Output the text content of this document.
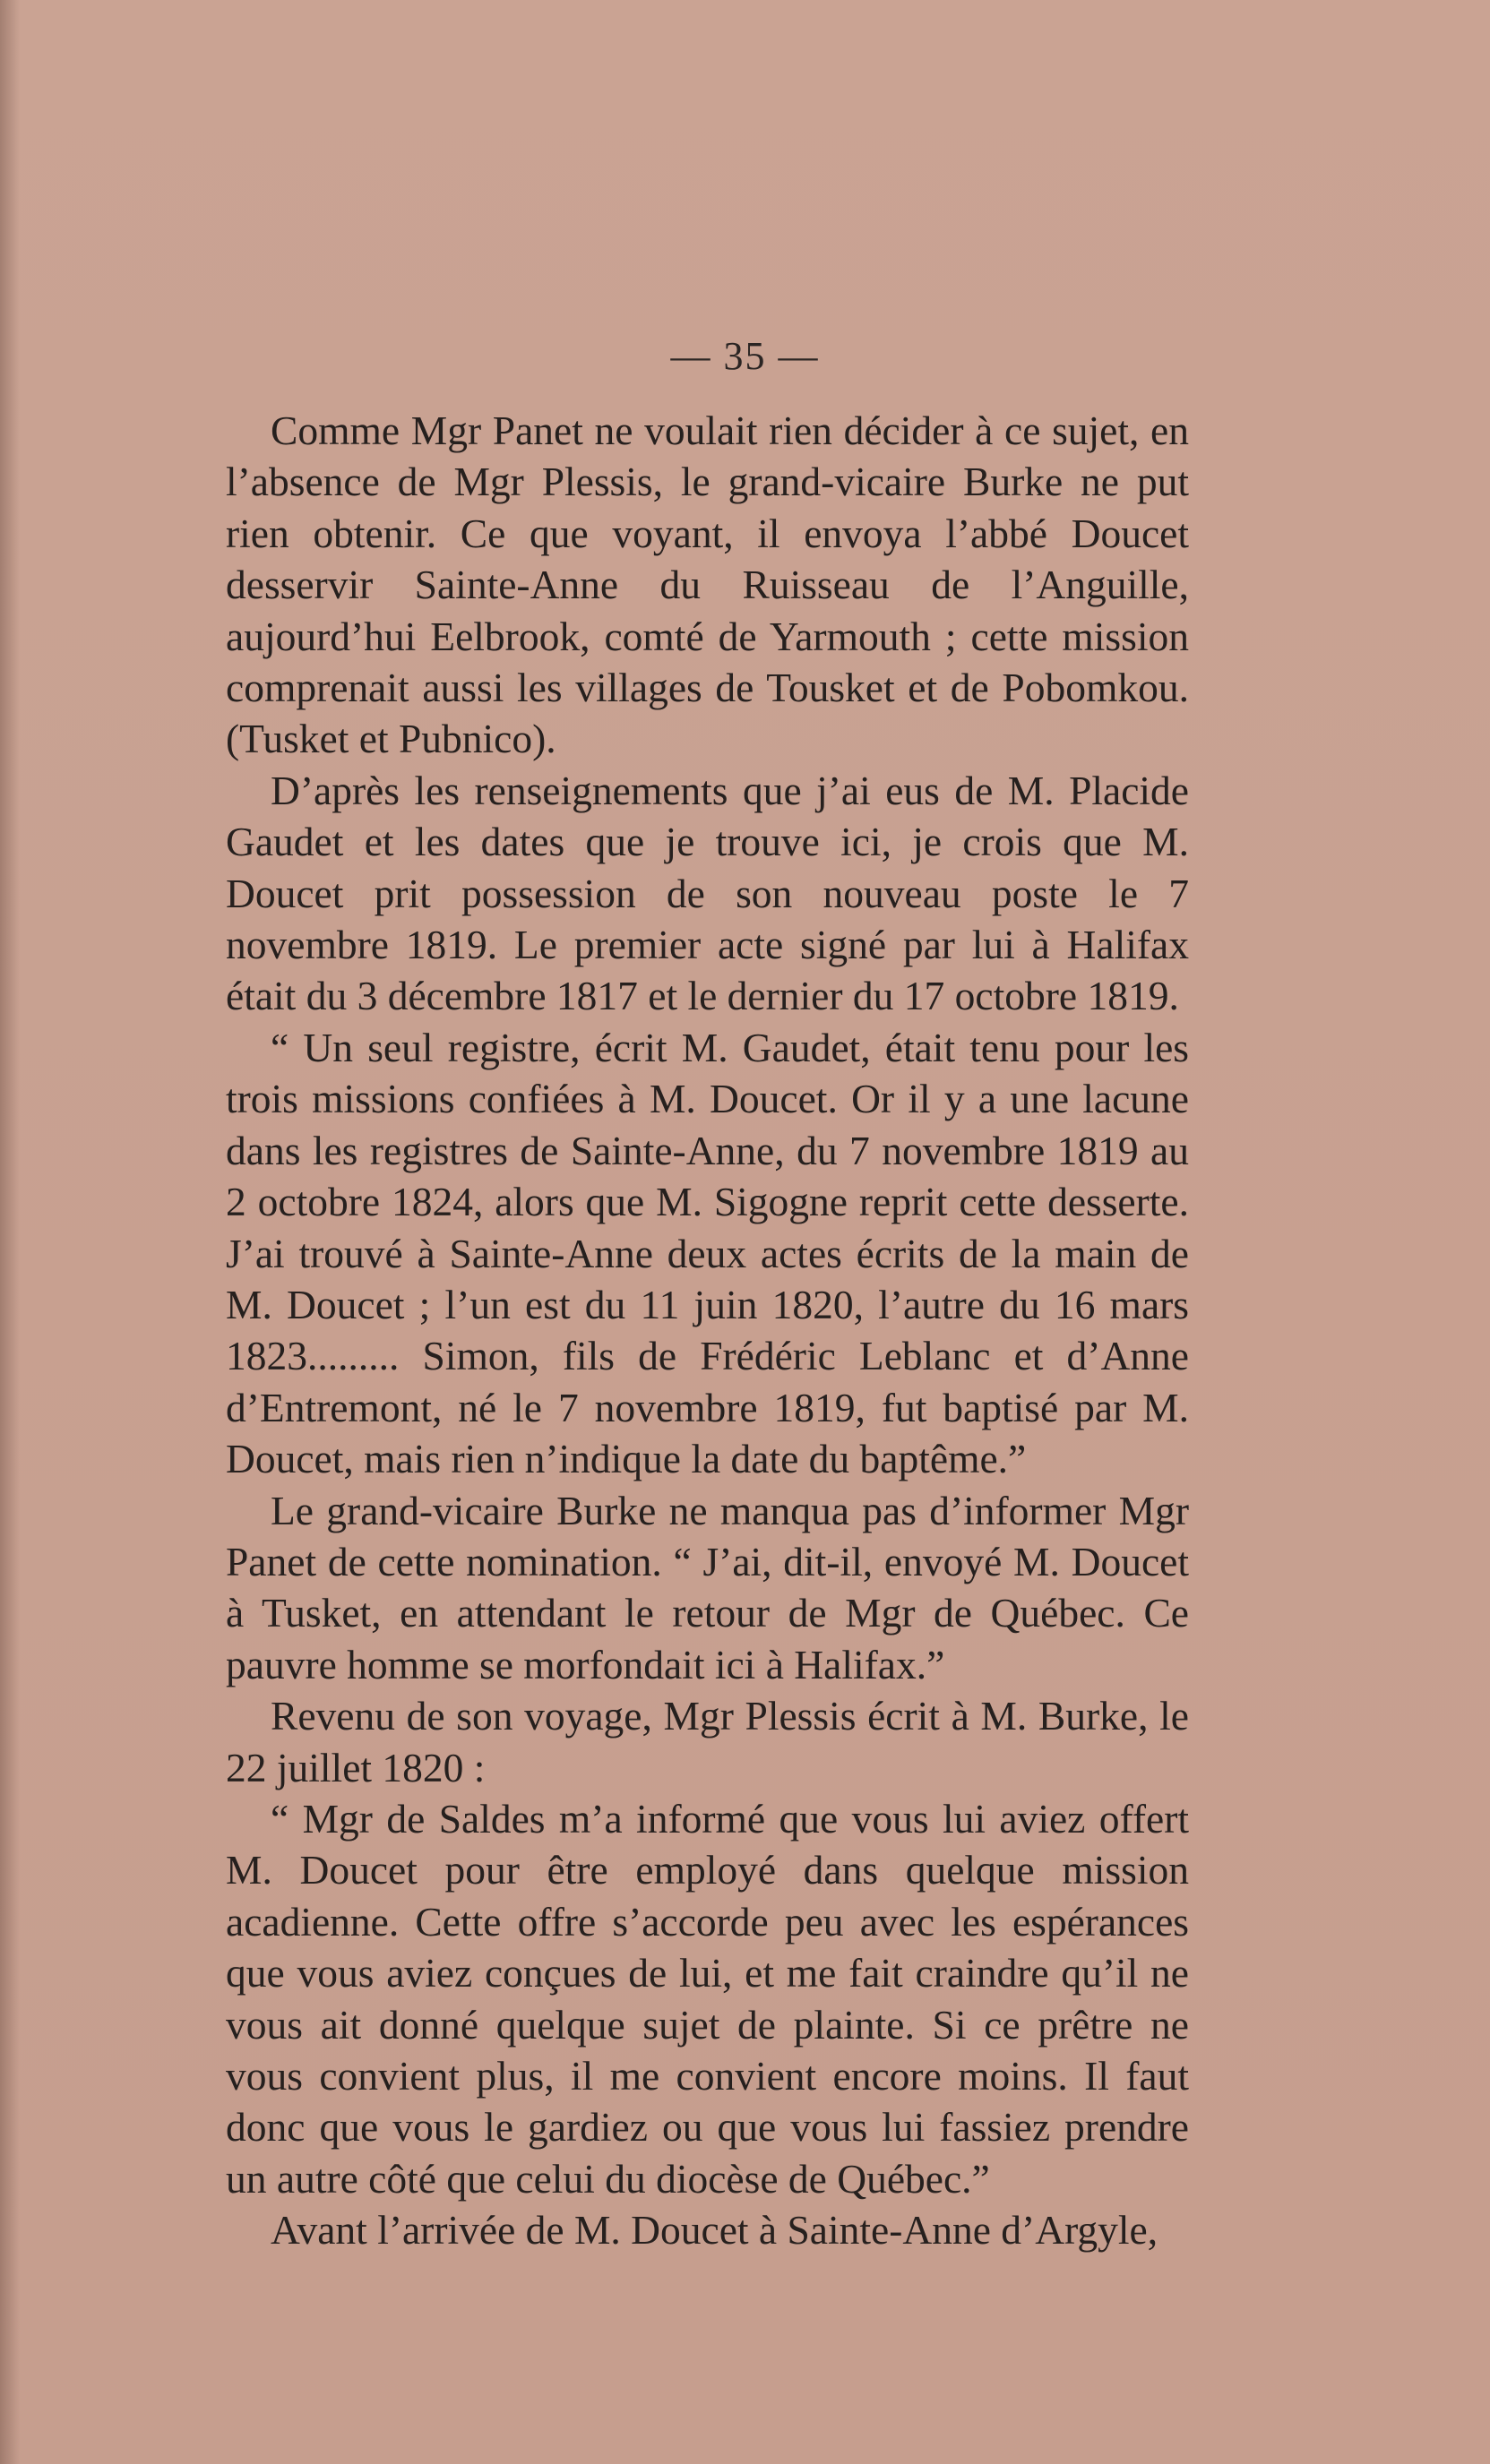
— 35 —

Comme Mgr Panet ne voulait rien décider à ce sujet, en l’absence de Mgr Plessis, le grand-vicaire Burke ne put rien obtenir. Ce que voyant, il envoya l’abbé Doucet desservir Sainte-Anne du Ruisseau de l’Anguille, aujourd’hui Eelbrook, comté de Yarmouth ; cette mission comprenait aussi les villages de Tousket et de Pobomkou. (Tusket et Pubnico).

D’après les renseignements que j’ai eus de M. Placide Gaudet et les dates que je trouve ici, je crois que M. Doucet prit possession de son nouveau poste le 7 novembre 1819. Le premier acte signé par lui à Halifax était du 3 décembre 1817 et le dernier du 17 octobre 1819.

“ Un seul registre, écrit M. Gaudet, était tenu pour les trois missions confiées à M. Doucet. Or il y a une lacune dans les registres de Sainte-Anne, du 7 novembre 1819 au 2 octobre 1824, alors que M. Sigogne reprit cette desserte. J’ai trouvé à Sainte-Anne deux actes écrits de la main de M. Doucet ; l’un est du 11 juin 1820, l’autre du 16 mars 1823......... Simon, fils de Frédéric Leblanc et d’Anne d’Entremont, né le 7 novembre 1819, fut baptisé par M. Doucet, mais rien n’indique la date du baptême.”

Le grand-vicaire Burke ne manqua pas d’informer Mgr Panet de cette nomination. “ J’ai, dit-il, envoyé M. Doucet à Tusket, en attendant le retour de Mgr de Québec. Ce pauvre homme se morfondait ici à Halifax.”

Revenu de son voyage, Mgr Plessis écrit à M. Burke, le 22 juillet 1820 :

“ Mgr de Saldes m’a informé que vous lui aviez offert M. Doucet pour être employé dans quelque mission acadienne. Cette offre s’accorde peu avec les espérances que vous aviez conçues de lui, et me fait craindre qu’il ne vous ait donné quelque sujet de plainte. Si ce prêtre ne vous convient plus, il me convient encore moins. Il faut donc que vous le gardiez ou que vous lui fassiez prendre un autre côté que celui du diocèse de Québec.”

Avant l’arrivée de M. Doucet à Sainte-Anne d’Argyle,
